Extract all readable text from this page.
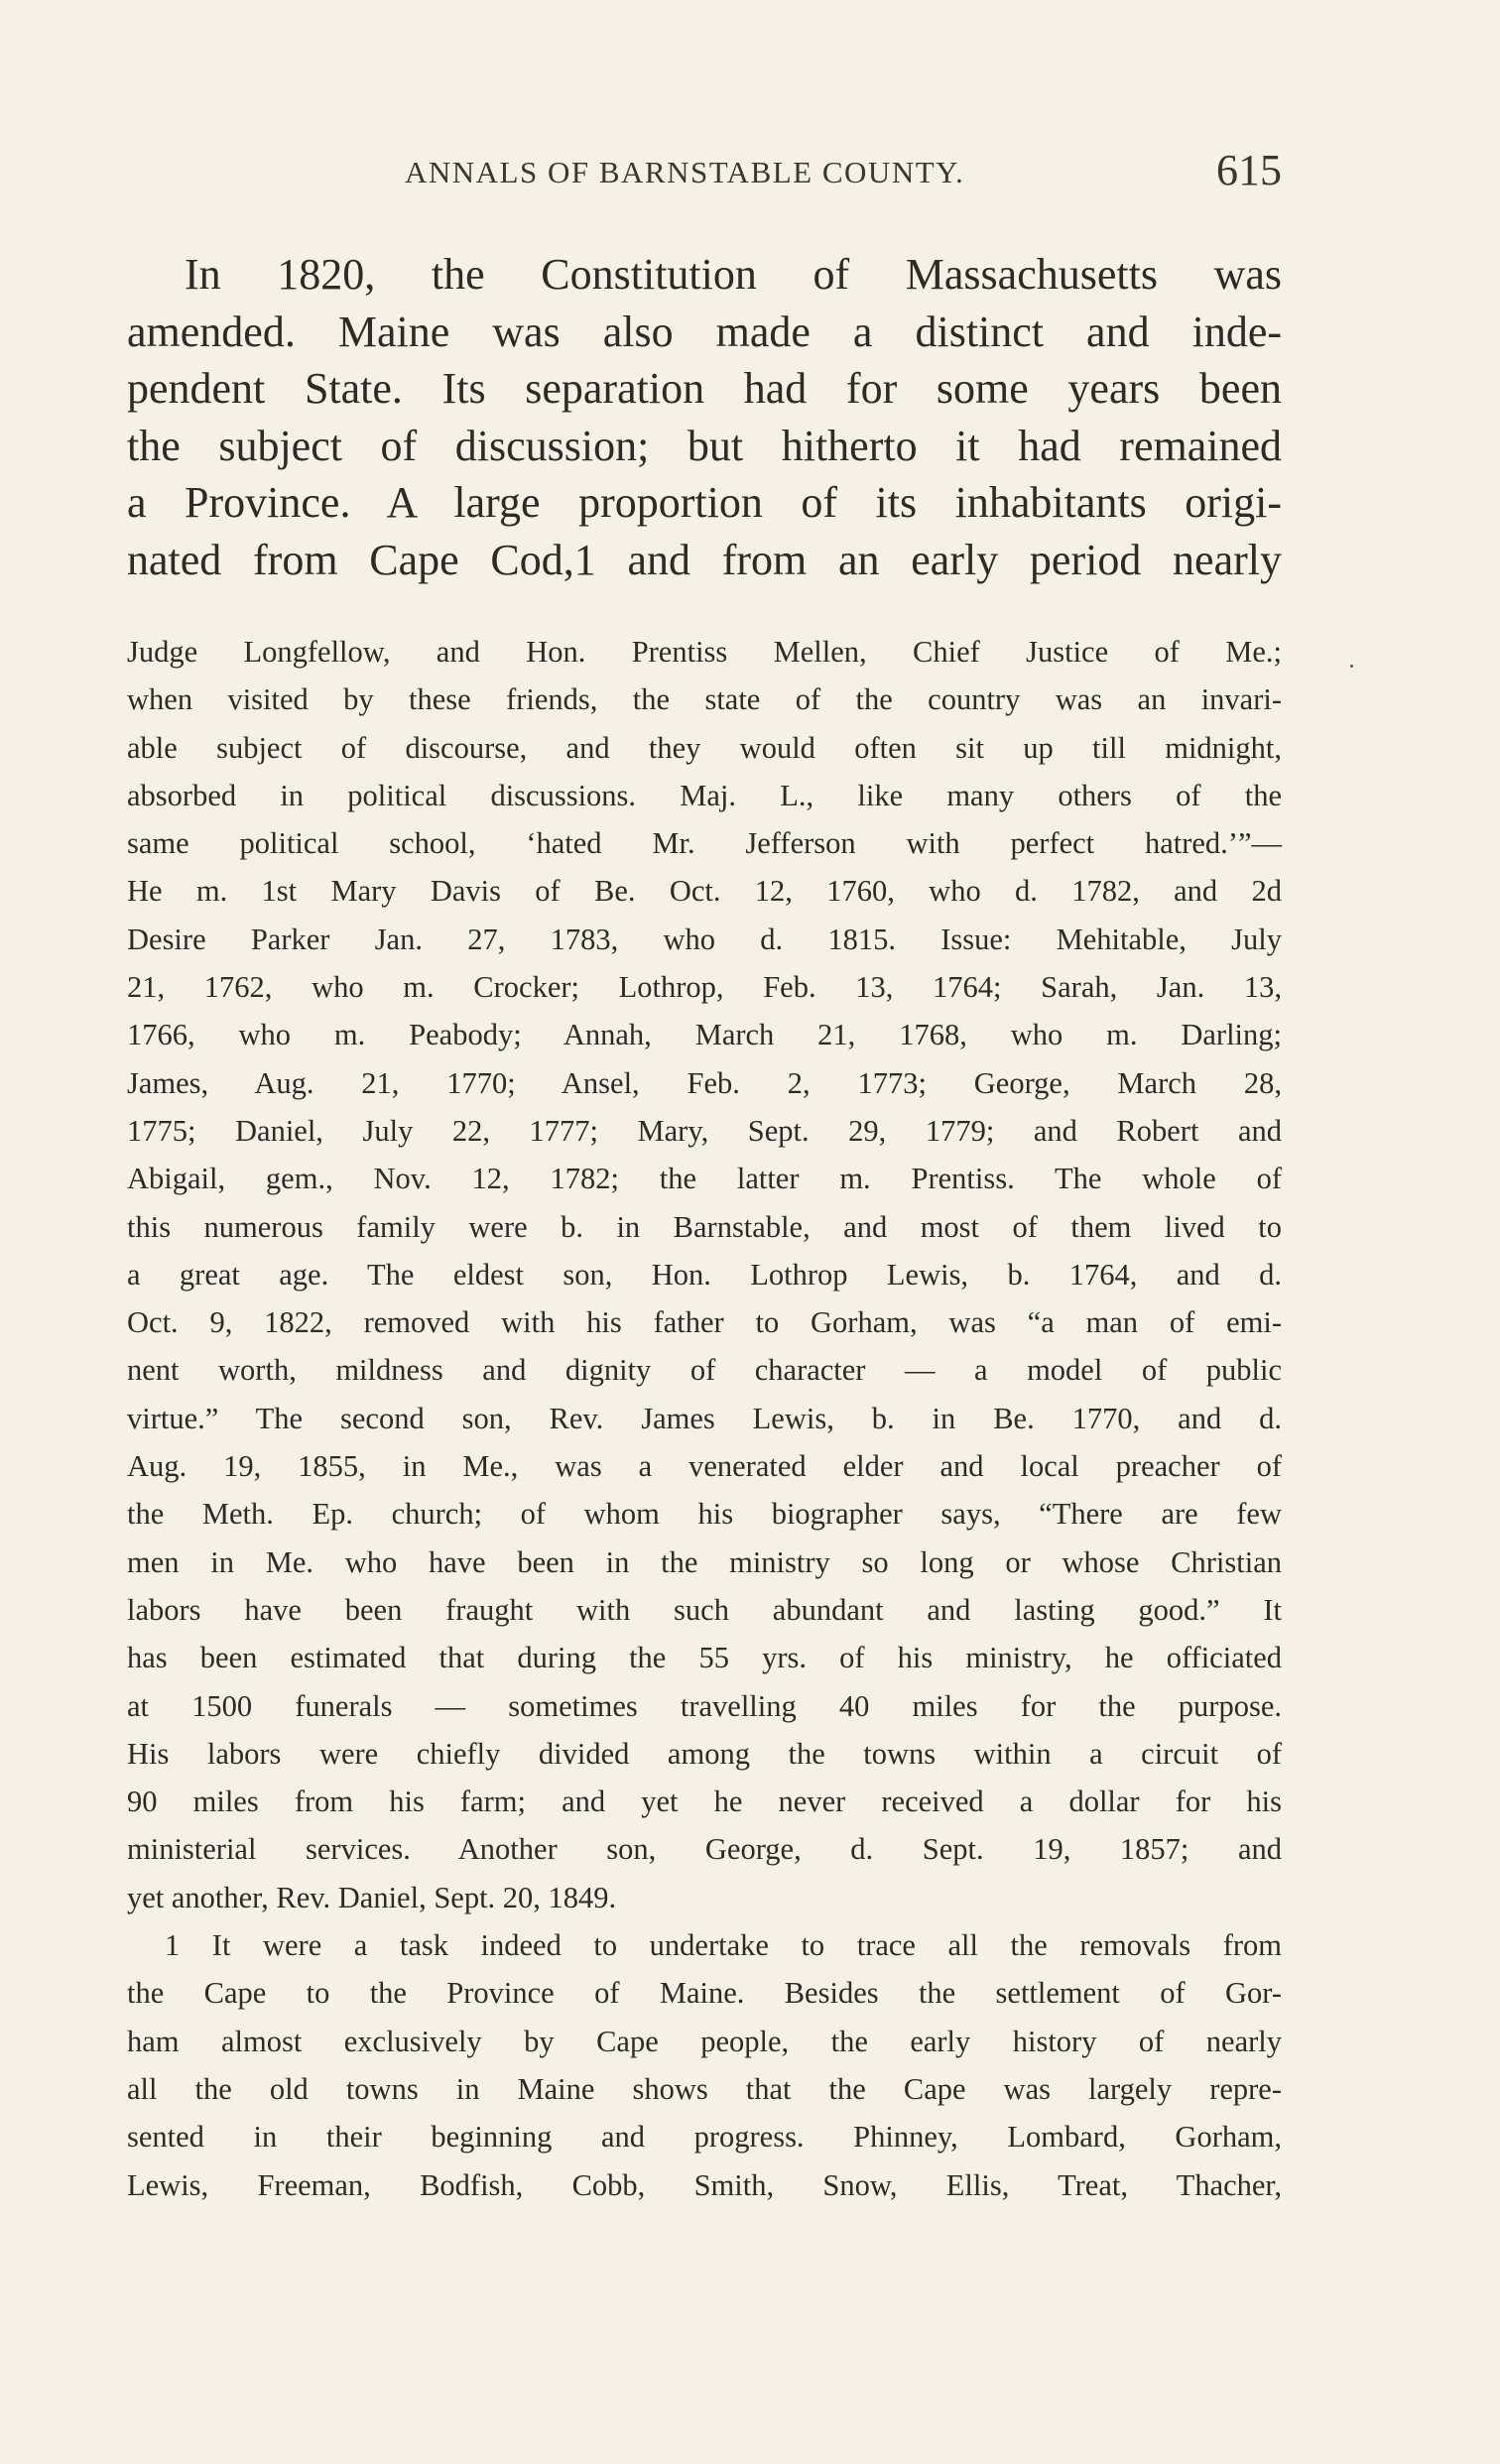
ANNALS OF BARNSTABLE COUNTY.	615
In 1820, the Constitution of Massachusetts was
amended. Maine was also made a distinct and inde-
pendent State. Its separation had for some years been
the subject of discussion; but hitherto it had remained
a Province. A large proportion of its inhabitants origi-
nated from Cape Cod,1 and from an early period nearly
Judge Longfellow, and Hon. Prentiss Mellen, Chief Justice of Me.;
when visited by these friends, the state of the country was an invari-
able subject of discourse, and they would often sit up till midnight,
absorbed in political discussions. Maj. L., like many others of the
same political school, ‘hated Mr. Jefferson with perfect hatred.’”—
He m. 1st Mary Davis of Be. Oct. 12, 1760, who d. 1782, and 2d
Desire Parker Jan. 27, 1783, who d. 1815. Issue: Mehitable, July
21, 1762, who m. Crocker; Lothrop, Feb. 13, 1764; Sarah, Jan. 13,
1766, who m. Peabody; Annah, March 21, 1768, who m. Darling;
James, Aug. 21, 1770; Ansel, Feb. 2, 1773; George, March 28,
1775; Daniel, July 22, 1777; Mary, Sept. 29, 1779; and Robert and
Abigail, gem., Nov. 12, 1782; the latter m. Prentiss. The whole of
this numerous family were b. in Barnstable, and most of them lived to
a great age. The eldest son, Hon. Lothrop Lewis, b. 1764, and d.
Oct. 9, 1822, removed with his father to Gorham, was “a man of emi-
nent worth, mildness and dignity of character — a model of public
virtue.” The second son, Rev. James Lewis, b. in Be. 1770, and d.
Aug. 19, 1855, in Me., was a venerated elder and local preacher of
the Meth. Ep. church; of whom his biographer says, “There are few
men in Me. who have been in the ministry so long or whose Christian
labors have been fraught with such abundant and lasting good.” It
has been estimated that during the 55 yrs. of his ministry, he officiated
at 1500 funerals — sometimes travelling 40 miles for the purpose.
His labors were chiefly divided among the towns within a circuit of
90 miles from his farm; and yet he never received a dollar for his
ministerial services. Another son, George, d. Sept. 19, 1857; and
yet another, Rev. Daniel, Sept. 20, 1849.
1 It were a task indeed to undertake to trace all the removals from
the Cape to the Province of Maine. Besides the settlement of Gor-
ham almost exclusively by Cape people, the early history of nearly
all the old towns in Maine shows that the Cape was largely repre-
sented in their beginning and progress. Phinney, Lombard, Gorham,
Lewis, Freeman, Bodfish, Cobb, Smith, Snow, Ellis, Treat, Thacher,
